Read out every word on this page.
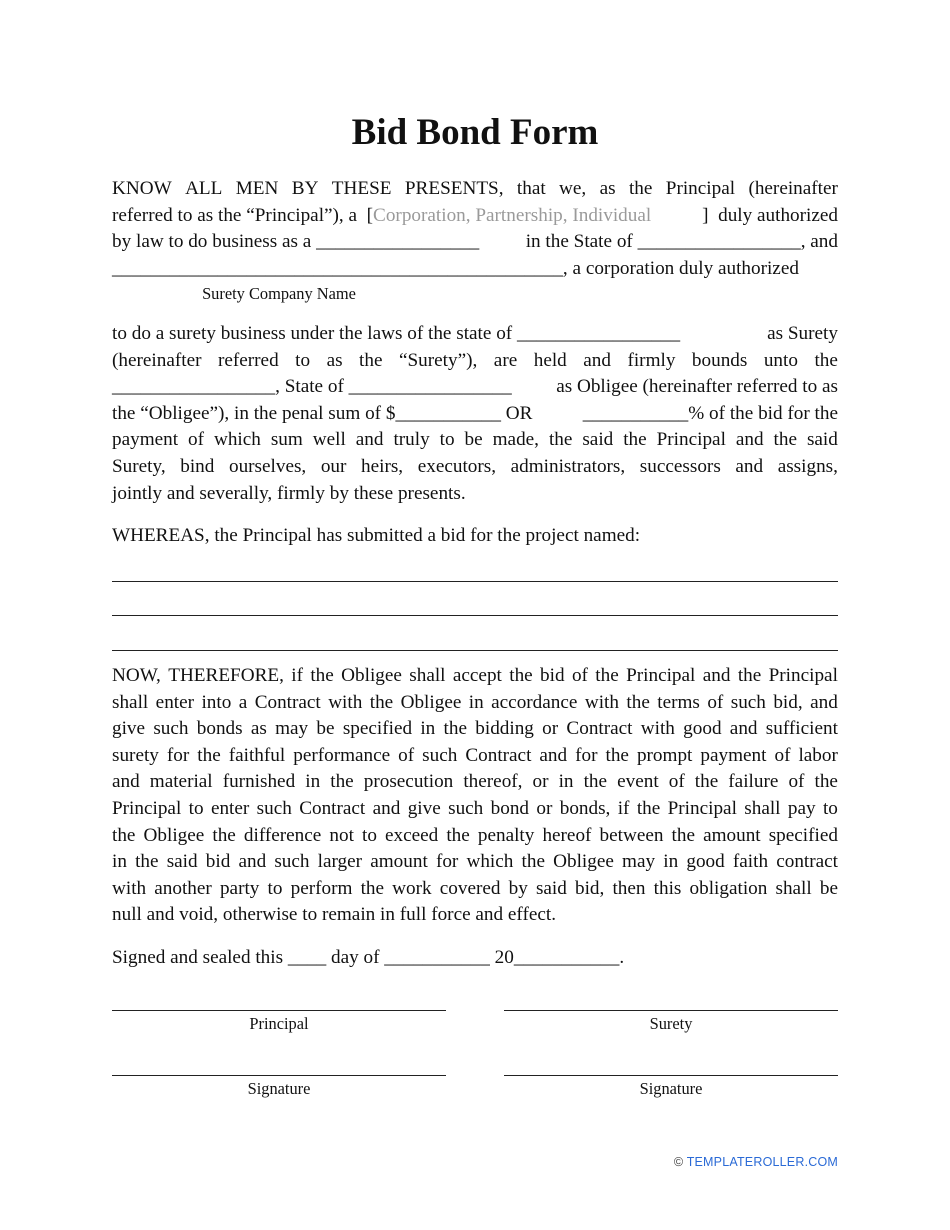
Bid Bond Form
KNOW ALL MEN BY THESE PRESENTS, that we, as the Principal (hereinafter
referred to as the “Principal”), a  [Corporation, Partnership, Individual	]  duly authorized
by law to do business as a _________________ in the State of _________________, and
_______________________________________________, a corporation duly authorized
Surety Company Name
to do a surety business under the laws of the state of _________________	as Surety
(hereinafter referred to as the “Surety”), are held and firmly bounds unto the
_________________, State of _________________ as Obligee (hereinafter referred to as
the “Obligee”), in the penal sum of $___________ OR	___________% of the bid for the
payment of which sum well and truly to be made, the said the Principal and the said
Surety, bind ourselves, our heirs, executors, administrators, successors and assigns,
jointly and severally, firmly by these presents.
WHEREAS, the Principal has submitted a bid for the project named:
NOW, THEREFORE, if the Obligee shall accept the bid of the Principal and the Principal
shall enter into a Contract with the Obligee in accordance with the terms of such bid, and
give such bonds as may be specified in the bidding or Contract with good and sufficient
surety for the faithful performance of such Contract and for the prompt payment of labor
and material furnished in the prosecution thereof, or in the event of the failure of the
Principal to enter such Contract and give such bond or bonds, if the Principal shall pay to
the Obligee the difference not to exceed the penalty hereof between the amount specified
in the said bid and such larger amount for which the Obligee may in good faith contract
with another party to perform the work covered by said bid, then this obligation shall be
null and void, otherwise to remain in full force and effect.
Signed and sealed this ____ day of ___________ 20___________.
Principal	Surety
Signature	Signature
© TEMPLATEROLLER.COM
